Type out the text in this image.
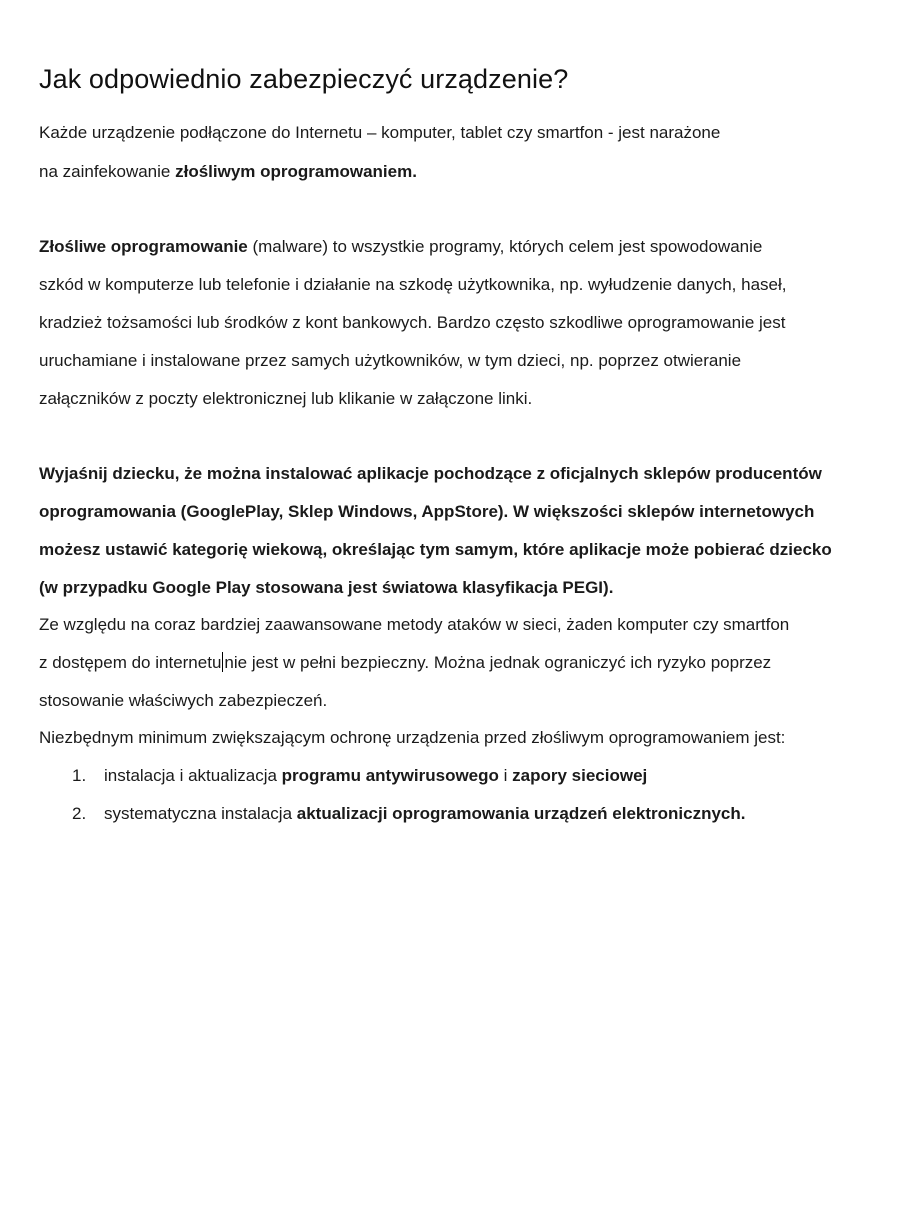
Jak odpowiednio zabezpieczyć urządzenie?

Każde urządzenie podłączone do Internetu – komputer, tablet czy smartfon - jest narażone

na zainfekowanie złośliwym oprogramowaniem.

Złośliwe oprogramowanie (malware) to wszystkie programy, których celem jest spowodowanie

szkód w komputerze lub telefonie i działanie na szkodę użytkownika, np. wyłudzenie danych, haseł,

kradzież tożsamości lub środków z kont bankowych. Bardzo często szkodliwe oprogramowanie jest

uruchamiane i instalowane przez samych użytkowników, w tym dzieci, np. poprzez otwieranie

załączników z poczty elektronicznej lub klikanie w załączone linki.

Wyjaśnij dziecku, że można instalować aplikacje pochodzące z oficjalnych sklepów producentów

oprogramowania (GooglePlay, Sklep Windows, AppStore). W większości sklepów internetowych

możesz ustawić kategorię wiekową, określając tym samym, które aplikacje może pobierać dziecko

(w przypadku Google Play stosowana jest światowa klasyfikacja PEGI).

Ze względu na coraz bardziej zaawansowane metody ataków w sieci, żaden komputer czy smartfon

z dostępem do internetu nie jest w pełni bezpieczny. Można jednak ograniczyć ich ryzyko poprzez

stosowanie właściwych zabezpieczeń.

Niezbędnym minimum zwiększającym ochronę urządzenia przed złośliwym oprogramowaniem jest:

1. instalacja i aktualizacja programu antywirusowego i zapory sieciowej

2. systematyczna instalacja aktualizacji oprogramowania urządzeń elektronicznych.
